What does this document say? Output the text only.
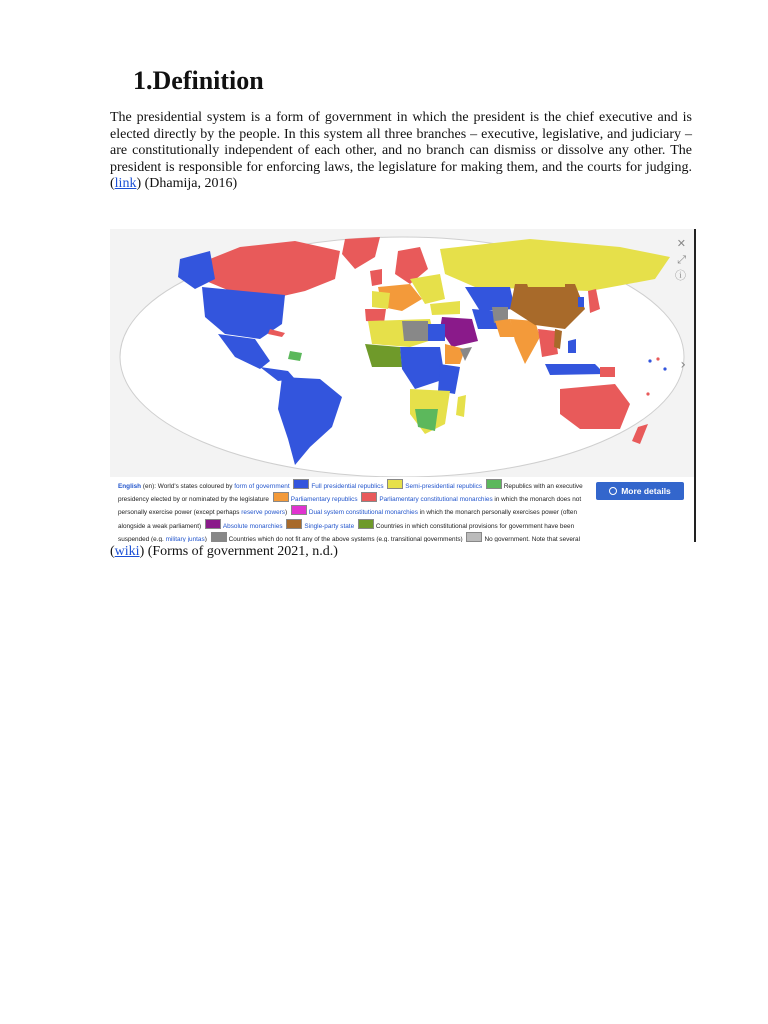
1.Definition

The presidential system is a form of government in which the president is the chief executive and is elected directly by the people. In this system all three branches – executive, legislative, and judiciary – are constitutionally independent of each other, and no branch can dismiss or dissolve any other. The president is responsible for enforcing laws, the legislature for making them, and the courts for judging. (link) (Dhamija, 2016)

✕
⤢
ⓘ
›
English (en): World's states coloured by form of government	Full presidential republics	Semi-presidential republics	Republics with an executive presidency elected by or nominated by the legislature	Parliamentary republics	Parliamentary constitutional monarchies in which the monarch does not personally exercise power (except perhaps reserve powers)	Dual system constitutional monarchies in which the monarch personally exercises power (often alongside a weak parliament)	Absolute monarchies	Single-party state	Countries in which constitutional provisions for government have been suspended (e.g. military juntas)	Countries which do not fit any of the above systems (e.g. transitional governments)	No government. Note that several
More details

(wiki) (Forms of government 2021, n.d.)
